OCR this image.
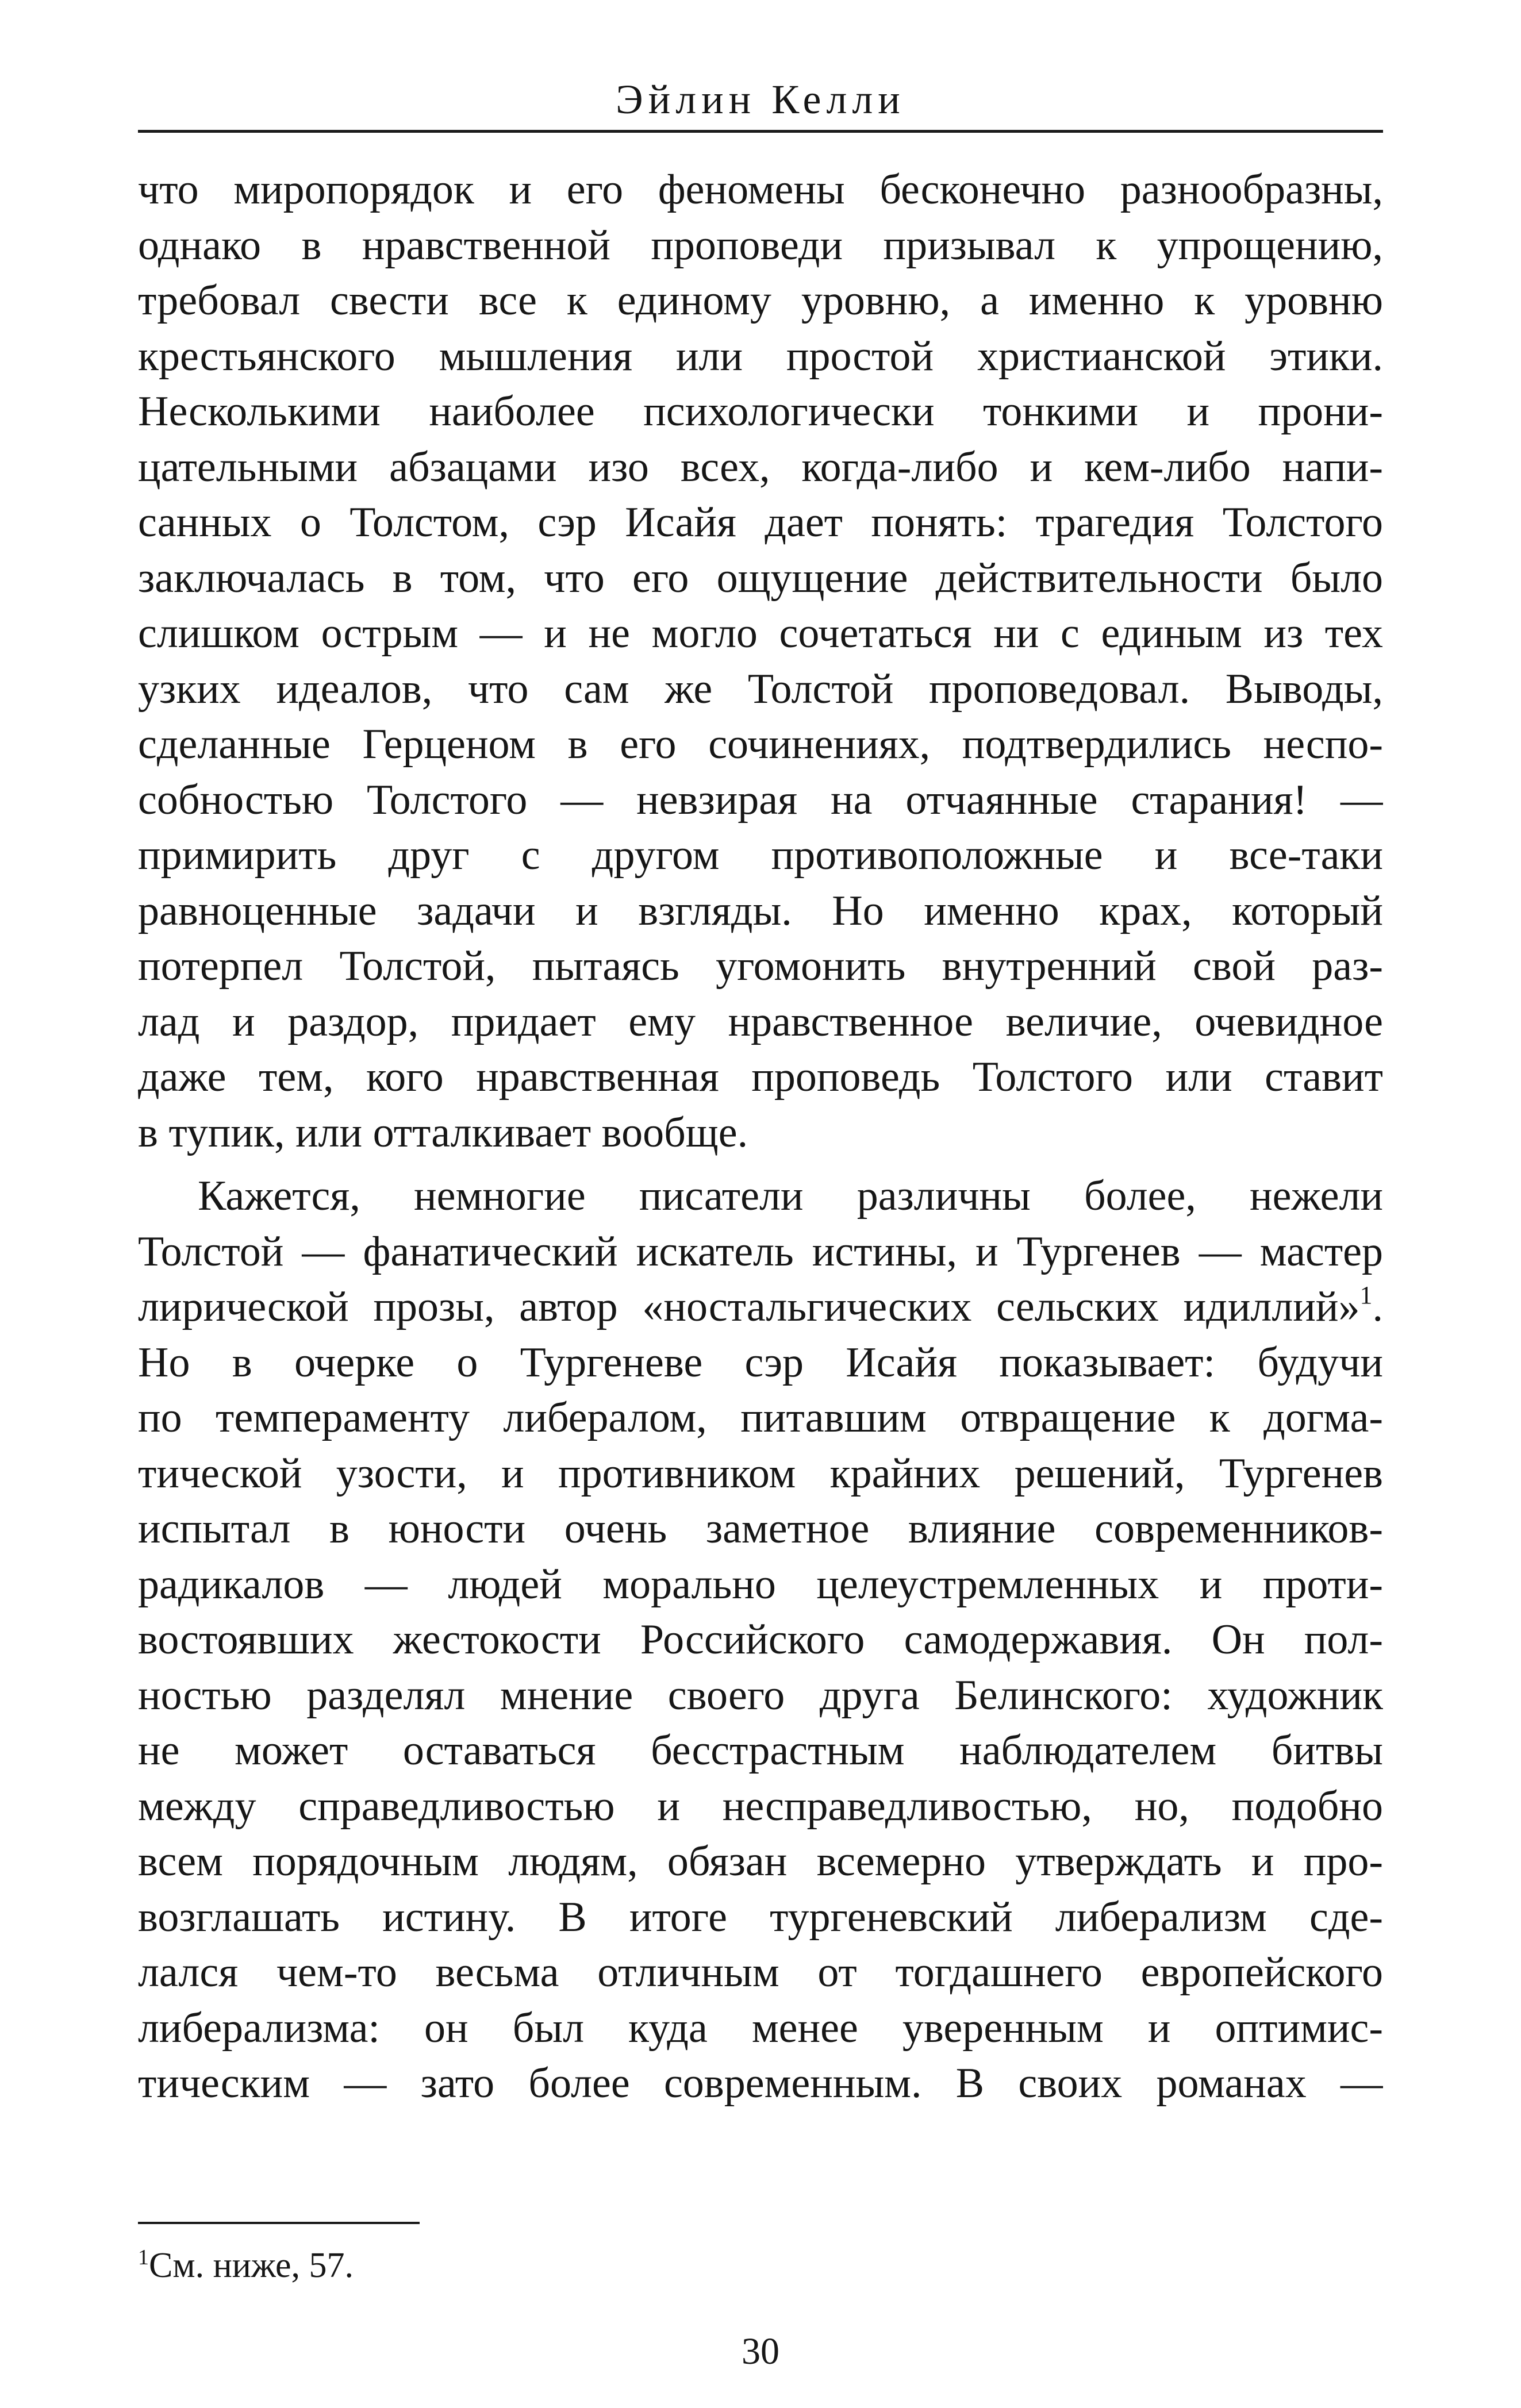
Эйлин Келли
что миропорядок и его феномены бесконечно разнообразны,
однако в нравственной проповеди призывал к упрощению,
требовал свести все к единому уровню, а именно к уровню
крестьянского мышления или простой христианской этики.
Несколькими наиболее психологически тонкими и прони-
цательными абзацами изо всех, когда-либо и кем-либо напи-
санных о Толстом, сэр Исайя дает понять: трагедия Толстого
заключалась в том, что его ощущение действительности было
слишком острым — и не могло сочетаться ни с единым из тех
узких идеалов, что сам же Толстой проповедовал. Выводы,
сделанные Герценом в его сочинениях, подтвердились неспо-
собностью Толстого — невзирая на отчаянные старания! —
примирить друг с другом противоположные и все-таки
равноценные задачи и взгляды. Но именно крах, который
потерпел Толстой, пытаясь угомонить внутренний свой раз-
лад и раздор, придает ему нравственное величие, очевидное
даже тем, кого нравственная проповедь Толстого или ставит
в тупик, или отталкивает вообще.
Кажется, немногие писатели различны более, нежели
Толстой — фанатический искатель истины, и Тургенев — мастер
лирической прозы, автор «ностальгических сельских идиллий»$^1$.
Но в очерке о Тургеневе сэр Исайя показывает: будучи
по темпераменту либералом, питавшим отвращение к догма-
тической узости, и противником крайних решений, Тургенев
испытал в юности очень заметное влияние современников-
радикалов — людей морально целеустремленных и проти-
востоявших жестокости Российского самодержавия. Он пол-
ностью разделял мнение своего друга Белинского: художник
не может оставаться бесстрастным наблюдателем битвы
между справедливостью и несправедливостью, но, подобно
всем порядочным людям, обязан всемерно утверждать и про-
возглашать истину. В итоге тургеневский либерализм сде-
лался чем-то весьма отличным от тогдашнего европейского
либерализма: он был куда менее уверенным и оптимис-
тическим — зато более современным. В своих романах —
$^1$См. ниже, 57.
30
